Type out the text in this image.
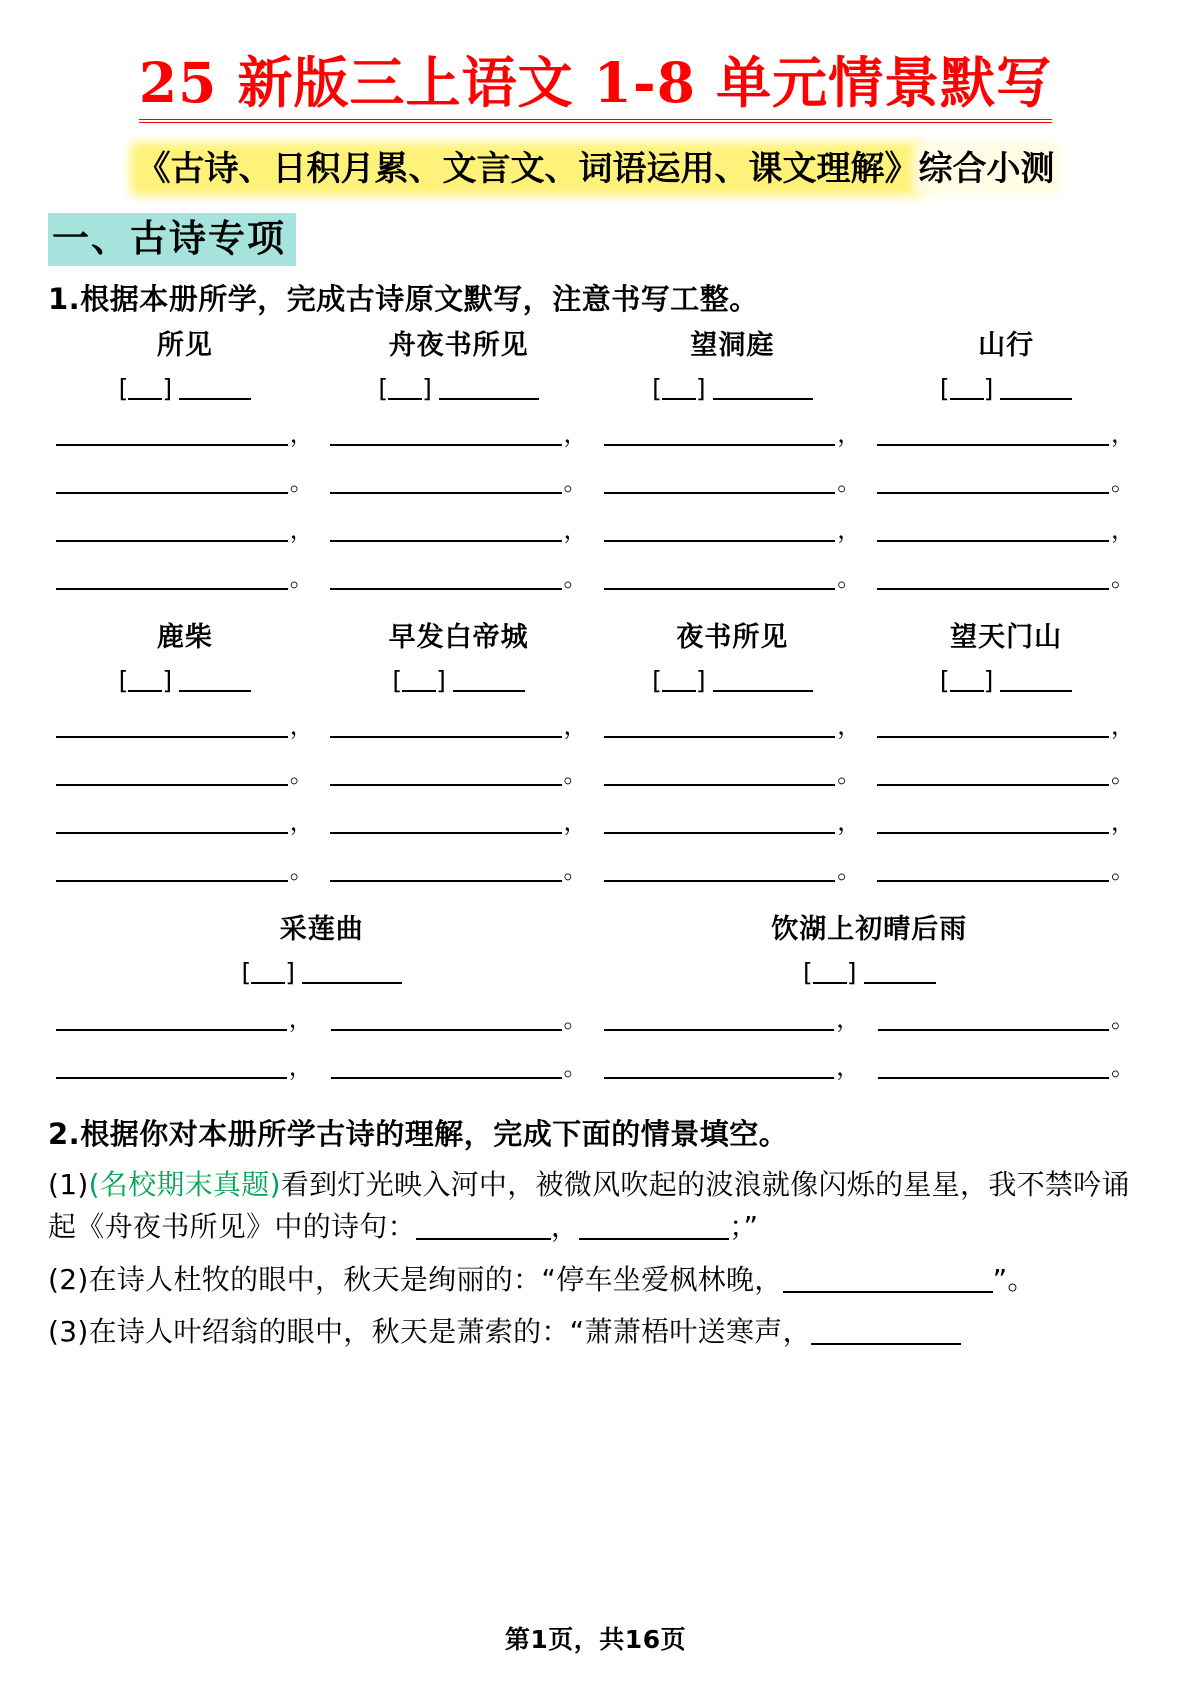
25 新版三上语文 1-8 单元情景默写
《古诗、日积月累、文言文、词语运用、课文理解》综合小测
一、古诗专项
1.根据本册所学，完成古诗原文默写，注意书写工整。
所见
[ ]
，
。
，
。
舟夜书所见
[ ]
，
。
，
。
望洞庭
[ ]
，
。
，
。
山行
[ ]
，
。
，
。
鹿柴
[ ]
，
。
，
。
早发白帝城
[ ]
，
。
，
。
夜书所见
[ ]
，
。
，
。
望天门山
[ ]
，
。
，
。
采莲曲
[ ]
，	。
，	。
饮湖上初晴后雨
[ ]
，	。
，	。
2.根据你对本册所学古诗的理解，完成下面的情景填空。
(1)(名校期末真题)看到灯光映入河中，被微风吹起的波浪就像闪烁的星星，我不禁吟诵起《舟夜书所见》中的诗句：	，	；”
(2)在诗人杜牧的眼中，秋天是绚丽的：“停车坐爱枫林晚，	”。
(3)在诗人叶绍翁的眼中，秋天是萧索的：“萧萧梧叶送寒声，
第1页，共16页
